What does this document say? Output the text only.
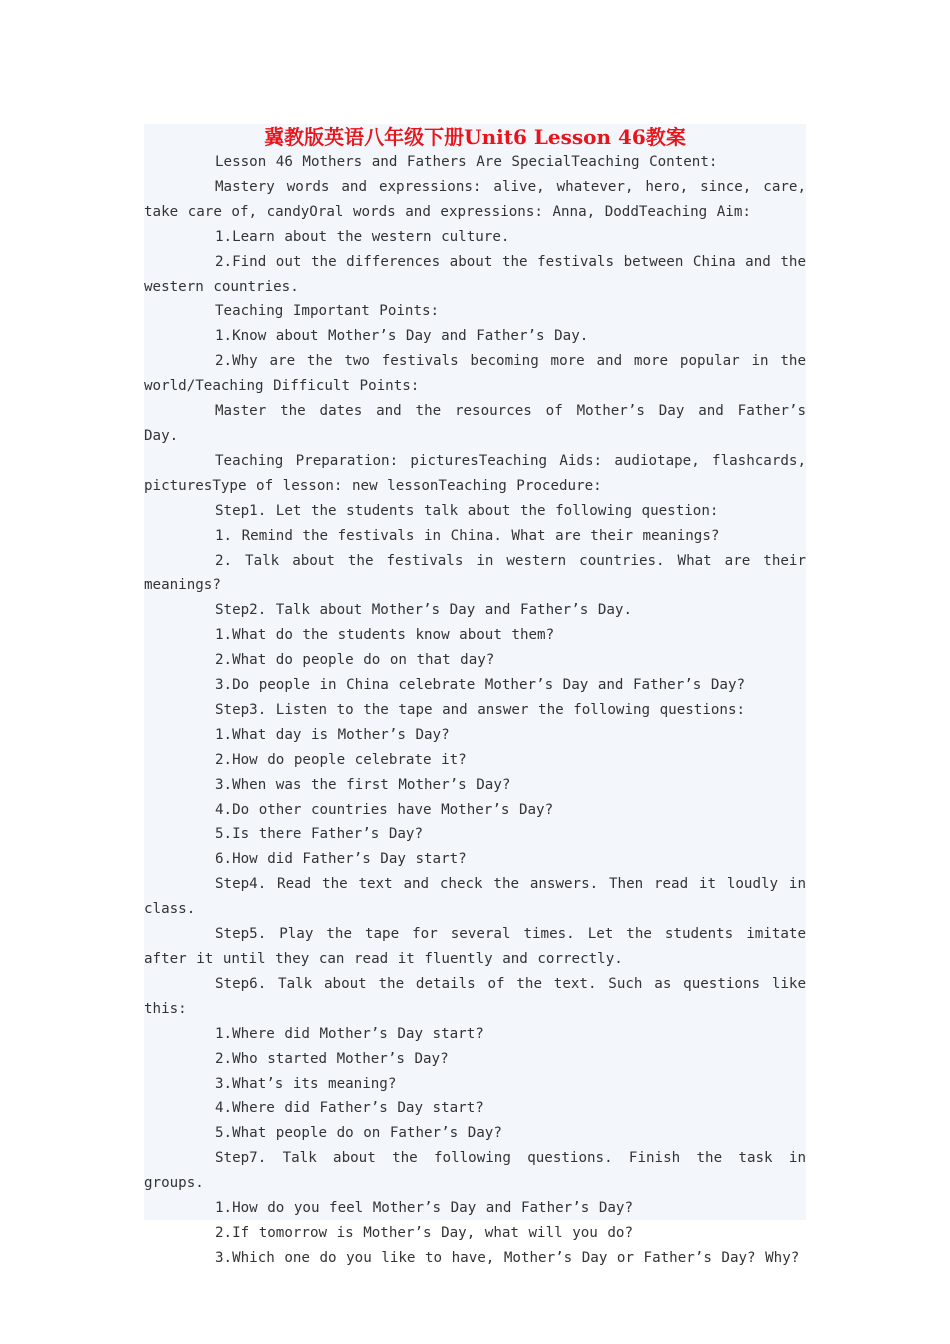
冀教版英语八年级下册Unit6 Lesson 46教案

Lesson 46 Mothers and Fathers Are SpecialTeaching Content:

Mastery words and expressions: alive, whatever, hero, since, care, take care of, candyOral words and expressions: Anna, DoddTeaching Aim:

1.Learn about the western culture.

2.Find out the differences about the festivals between China and the western countries.

Teaching Important Points:

1.Know about Mother’s Day and Father’s Day.

2.Why are the two festivals becoming more and more popular in the world/Teaching Difficult Points:

Master the dates and the resources of Mother’s Day and Father’s Day.

Teaching Preparation: picturesTeaching Aids: audiotape, flashcards, picturesType of lesson: new lessonTeaching Procedure:

Step1. Let the students talk about the following question:

1. Remind the festivals in China. What are their meanings?

2. Talk about the festivals in western countries. What are their meanings?

Step2. Talk about Mother’s Day and Father’s Day.

1.What do the students know about them?

2.What do people do on that day?

3.Do people in China celebrate Mother’s Day and Father’s Day?

Step3. Listen to the tape and answer the following questions:

1.What day is Mother’s Day?

2.How do people celebrate it?

3.When was the first Mother’s Day?

4.Do other countries have Mother’s Day?

5.Is there Father’s Day?

6.How did Father’s Day start?

Step4. Read the text and check the answers. Then read it loudly in class.

Step5. Play the tape for several times. Let the students imitate after it until they can read it fluently and correctly.

Step6. Talk about the details of the text. Such as questions like this:

1.Where did Mother’s Day start?

2.Who started Mother’s Day?

3.What’s its meaning?

4.Where did Father’s Day start?

5.What people do on Father’s Day?

Step7. Talk about the following questions. Finish the task in groups.

1.How do you feel Mother’s Day and Father’s Day?

2.If tomorrow is Mother’s Day, what will you do?

3.Which one do you like to have, Mother’s Day or Father’s Day? Why?
